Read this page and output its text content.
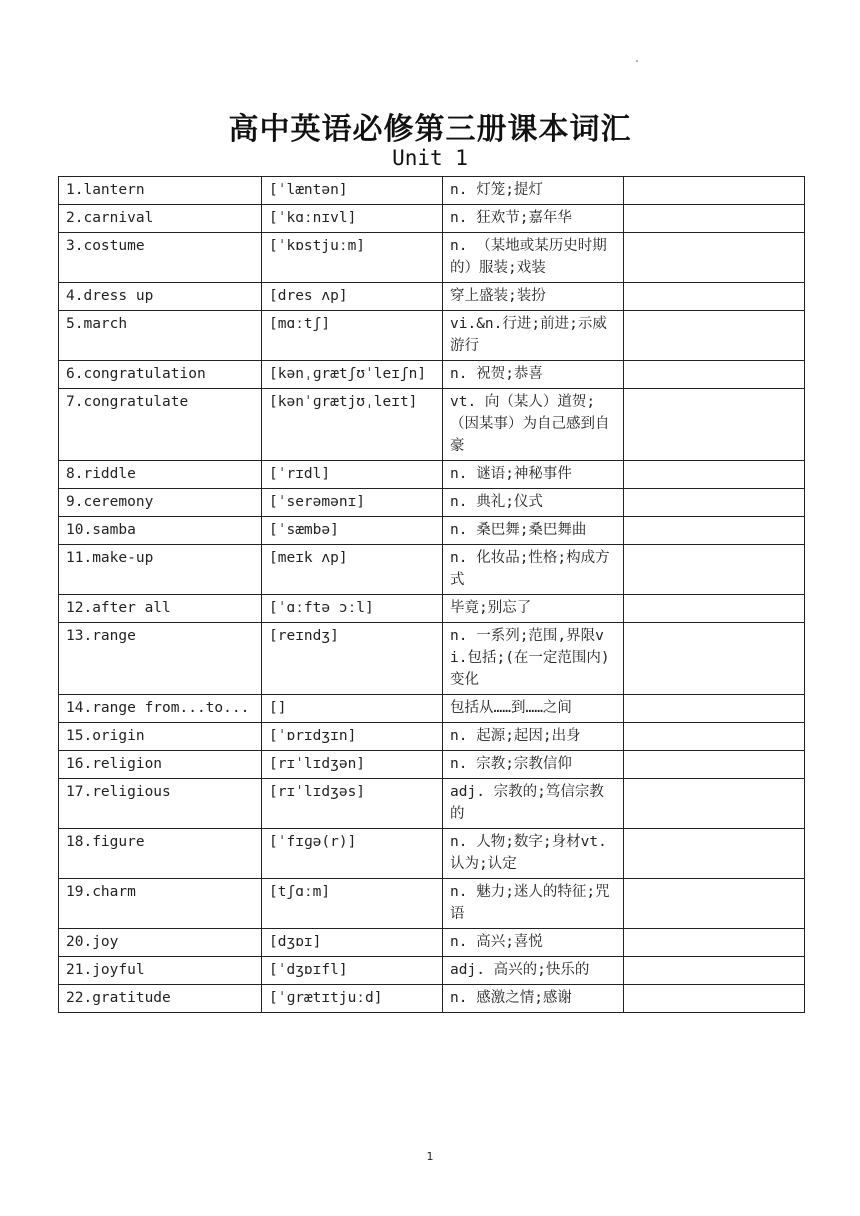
高中英语必修第三册课本词汇
Unit 1
1.lantern	[ˈlæntən]	n. 灯笼;提灯	
2.carnival	[ˈkɑːnɪvl]	n. 狂欢节;嘉年华	
3.costume	[ˈkɒstjuːm]	n. （某地或某历史时期的）服装;戏装	
4.dress up	[dres ʌp]	穿上盛装;装扮	
5.march	[mɑːtʃ]	vi.&n.行进;前进;示威游行	
6.congratulation	[kənˌɡrætʃʊˈleɪʃn]	n. 祝贺;恭喜	
7.congratulate	[kənˈɡrætjʊˌleɪt]	vt. 向（某人）道贺;（因某事）为自己感到自豪	
8.riddle	[ˈrɪdl]	n. 谜语;神秘事件	
9.ceremony	[ˈserəmənɪ]	n. 典礼;仪式	
10.samba	[ˈsæmbə]	n. 桑巴舞;桑巴舞曲	
11.make-up	[meɪk ʌp]	n. 化妆品;性格;构成方式	
12.after all	[ˈɑːftə ɔːl]	毕竟;别忘了	
13.range	[reɪndʒ]	n. 一系列;范围,界限vi.包括;(在一定范围内)变化	
14.range from...to...	[]	包括从……到……之间	
15.origin	[ˈɒrɪdʒɪn]	n. 起源;起因;出身	
16.religion	[rɪˈlɪdʒən]	n. 宗教;宗教信仰	
17.religious	[rɪˈlɪdʒəs]	adj. 宗教的;笃信宗教的	
18.figure	[ˈfɪɡə(r)]	n. 人物;数字;身材vt.认为;认定	
19.charm	[tʃɑːm]	n. 魅力;迷人的特征;咒语	
20.joy	[dʒɒɪ]	n. 高兴;喜悦	
21.joyful	[ˈdʒɒɪfl]	adj. 高兴的;快乐的	
22.gratitude	[ˈɡrætɪtjuːd]	n. 感激之情;感谢	
1
